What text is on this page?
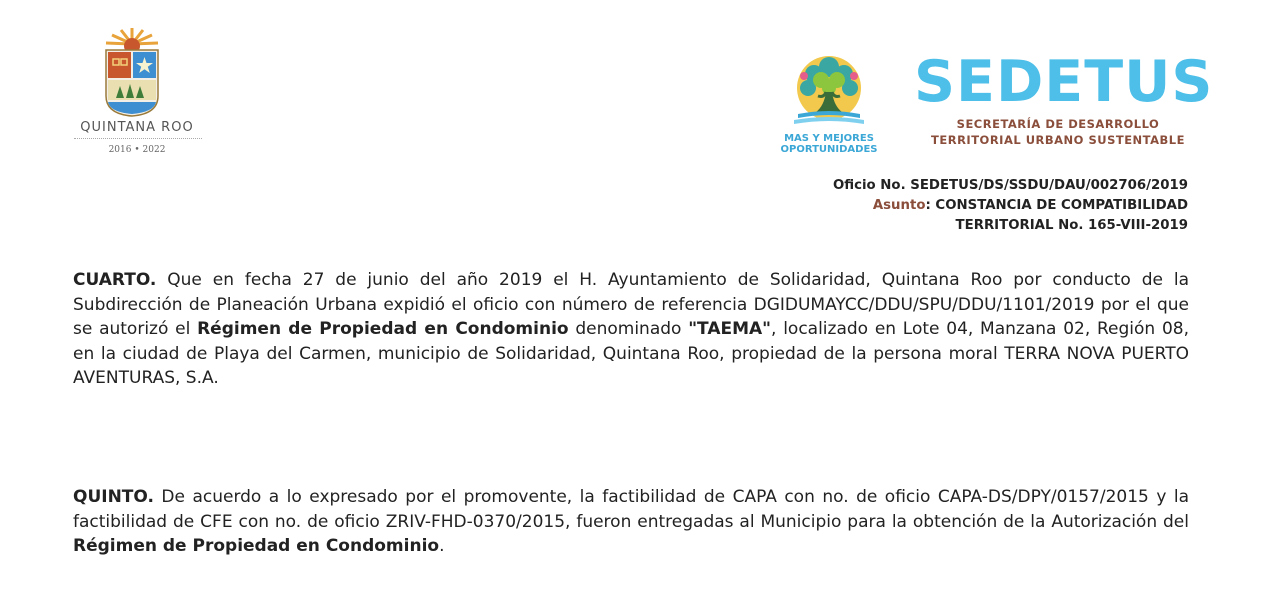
QUINTANA ROO
2016 • 2022
MAS Y MEJORES
OPORTUNIDADES
SEDETUS
SECRETARÍA DE DESARROLLO
TERRITORIAL URBANO SUSTENTABLE
Oficio No. SEDETUS/DS/SSDU/DAU/002706/2019
Asunto: CONSTANCIA DE COMPATIBILIDAD
TERRITORIAL No. 165-VIII-2019
CUARTO. Que en fecha 27 de junio del año 2019 el H. Ayuntamiento de Solidaridad, Quintana Roo por conducto de la Subdirección de Planeación Urbana expidió el oficio con número de referencia DGIDUMAYCC/DDU/SPU/DDU/1101/2019 por el que se autorizó el Régimen de Propiedad en Condominio denominado "TAEMA", localizado en Lote 04, Manzana 02, Región 08, en la ciudad de Playa del Carmen, municipio de Solidaridad, Quintana Roo, propiedad de la persona moral TERRA NOVA PUERTO AVENTURAS, S.A.
QUINTO. De acuerdo a lo expresado por el promovente, la factibilidad de CAPA con no. de oficio CAPA-DS/DPY/0157/2015 y la factibilidad de CFE con no. de oficio ZRIV-FHD-0370/2015, fueron entregadas al Municipio para la obtención de la Autorización del Régimen de Propiedad en Condominio.
